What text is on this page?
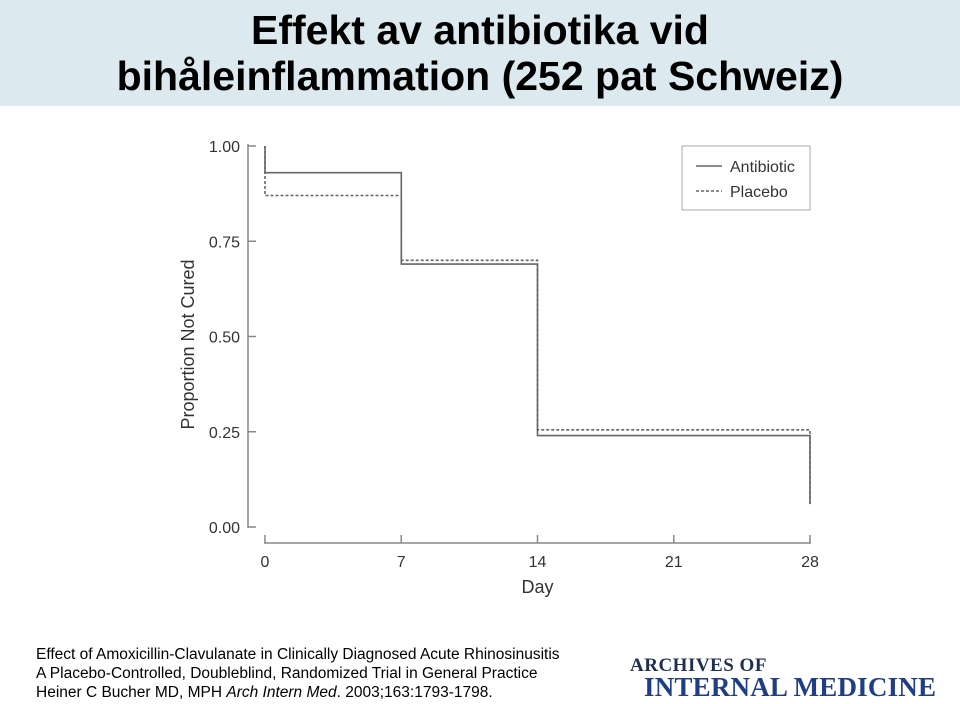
Effekt av antibiotika vid
bihåleinflammation (252 pat Schweiz)
0.00
0.25
0.50
0.75
1.00
0	7	14	21	28
Day
Proportion Not Cured
Antibiotic
Placebo
Effect of Amoxicillin-Clavulanate in Clinically Diagnosed Acute Rhinosinusitis
A Placebo-Controlled, Doubleblind, Randomized Trial in General Practice
Heiner C Bucher MD, MPH Arch Intern Med. 2003;163:1793-1798.
ARCHIVES OF
INTERNAL MEDICINE
